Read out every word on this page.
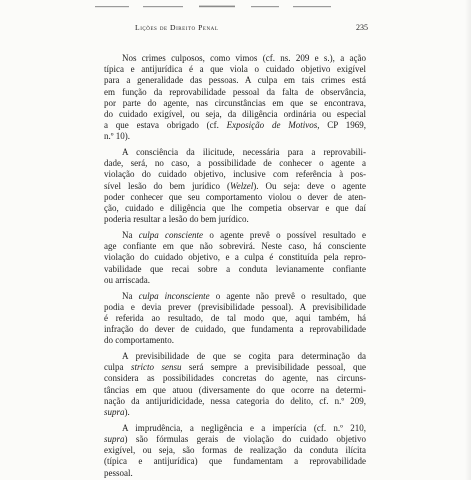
Lições de Direito Penal	235
Nos crimes culposos, como vimos (cf. ns. 209 e s.), a ação
típica e antijurídica é a que viola o cuidado objetivo exigível
para a generalidade das pessoas. A culpa em tais crimes está
em função da reprovabilidade pessoal da falta de observância,
por parte do agente, nas circunstâncias em que se encontrava,
do cuidado exigível, ou seja, da diligência ordinária ou especial
a que estava obrigado (cf. Exposição de Motivos, CP 1969,
n.º 10).
A consciência da ilicitude, necessária para a reprovabili-
dade, será, no caso, a possibilidade de conhecer o agente a
violação do cuidado objetivo, inclusive com referência à pos-
sível lesão do bem jurídico (Welzel). Ou seja: deve o agente
poder conhecer que seu comportamento violou o dever de aten-
ção, cuidado e diligência que lhe competia observar e que daí
poderia resultar a lesão do bem jurídico.
Na culpa consciente o agente prevê o possível resultado e
age confiante em que não sobrevirá. Neste caso, há consciente
violação do cuidado objetivo, e a culpa é constituída pela repro-
vabilidade que recai sobre a conduta levianamente confiante
ou arriscada.
Na culpa inconsciente o agente não prevê o resultado, que
podia e devia prever (previsibilidade pessoal). A previsibilidade
é referida ao resultado, de tal modo que, aqui também, há
infração do dever de cuidado, que fundamenta a reprovabilidade
do comportamento.
A previsibilidade de que se cogita para determinação da
culpa stricto sensu será sempre a previsibilidade pessoal, que
considera as possibilidades concretas do agente, nas circuns-
tâncias em que atuou (diversamente do que ocorre na determi-
nação da antijuridicidade, nessa categoria do delito, cf. n.º 209,
supra).
A imprudência, a negligência e a imperícia (cf. n.º 210,
supra) são fórmulas gerais de violação do cuidado objetivo
exigível, ou seja, são formas de realização da conduta ilícita
(típica e antijurídica) que fundamentam a reprovabilidade
pessoal.
